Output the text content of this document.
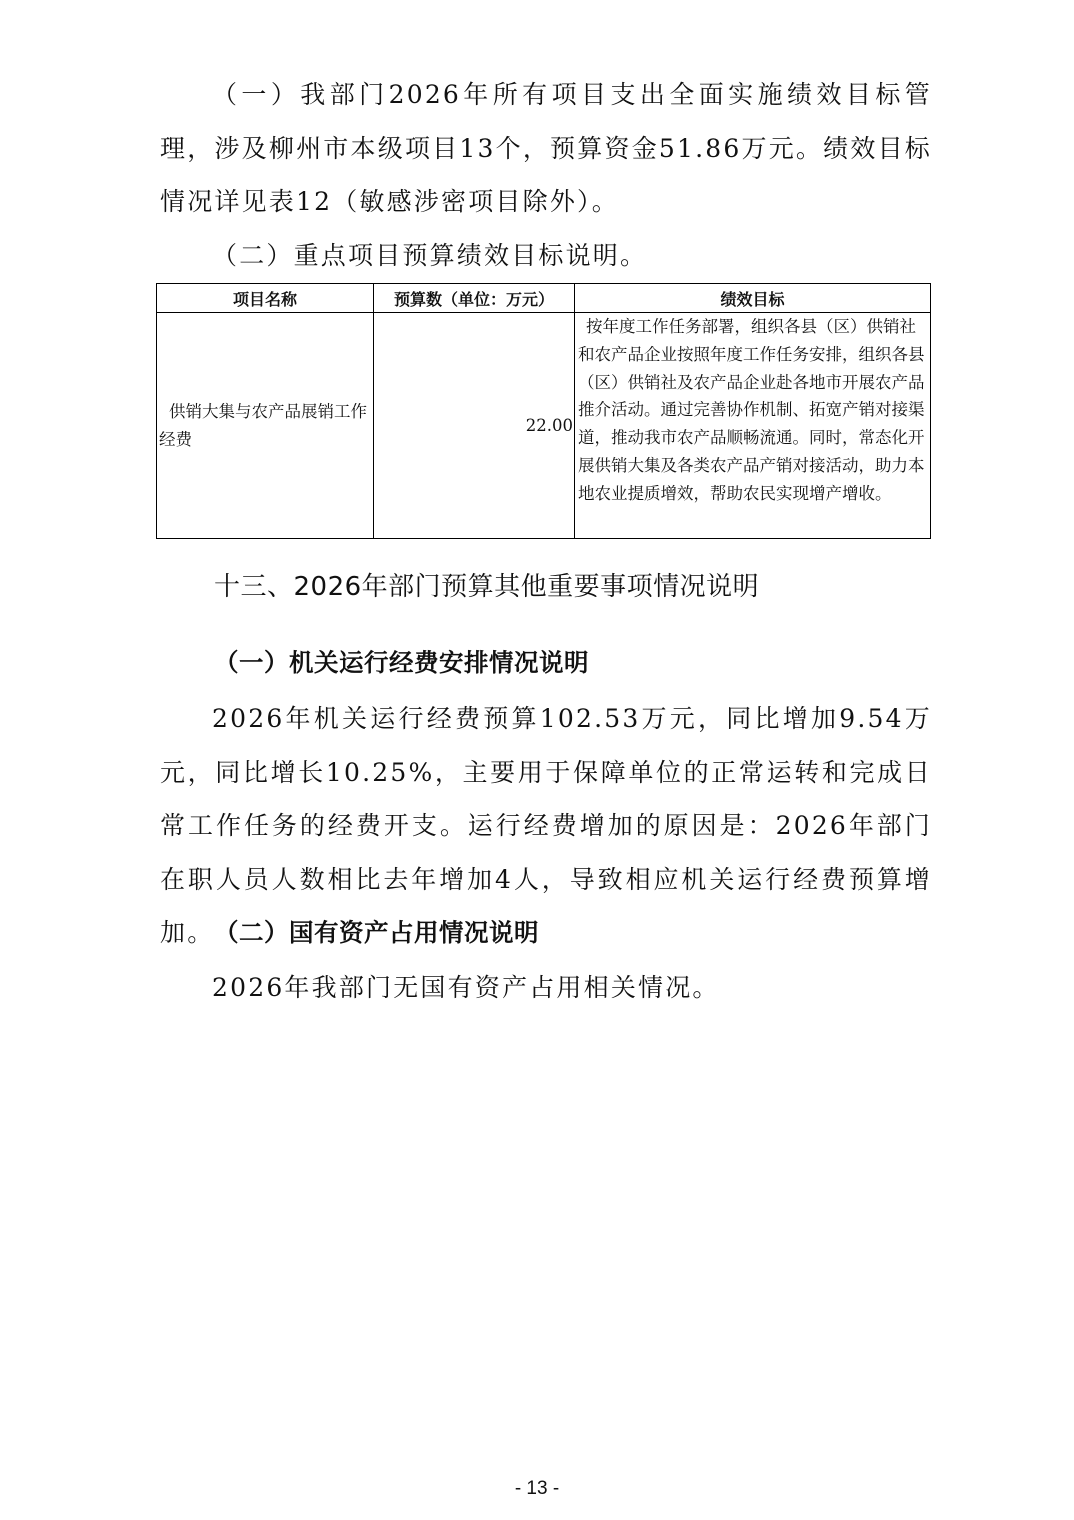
（一）我部门2026年所有项目支出全面实施绩效目标管理，涉及柳州市本级项目13个，预算资金51.86万元。绩效目标情况详见表12（敏感涉密项目除外）。

（二）重点项目预算绩效目标说明。

项目名称	预算数（单位：万元）	绩效目标
供销大集与农产品展销工作经费	22.00	按年度工作任务部署，组织各县（区）供销社和农产品企业按照年度工作任务安排，组织各县（区）供销社及农产品企业赴各地市开展农产品推介活动。通过完善协作机制、拓宽产销对接渠道，推动我市农产品顺畅流通。同时，常态化开展供销大集及各类农产品产销对接活动，助力本地农业提质增效，帮助农民实现增产增收。

十三、2026年部门预算其他重要事项情况说明

（一）机关运行经费安排情况说明

2026年机关运行经费预算102.53万元，同比增加9.54万元，同比增长10.25%，主要用于保障单位的正常运转和完成日常工作任务的经费开支。运行经费增加的原因是：2026年部门在职人员人数相比去年增加4人，导致相应机关运行经费预算增加。 （二）国有资产占用情况说明

2026年我部门无国有资产占用相关情况。

- 13 -
